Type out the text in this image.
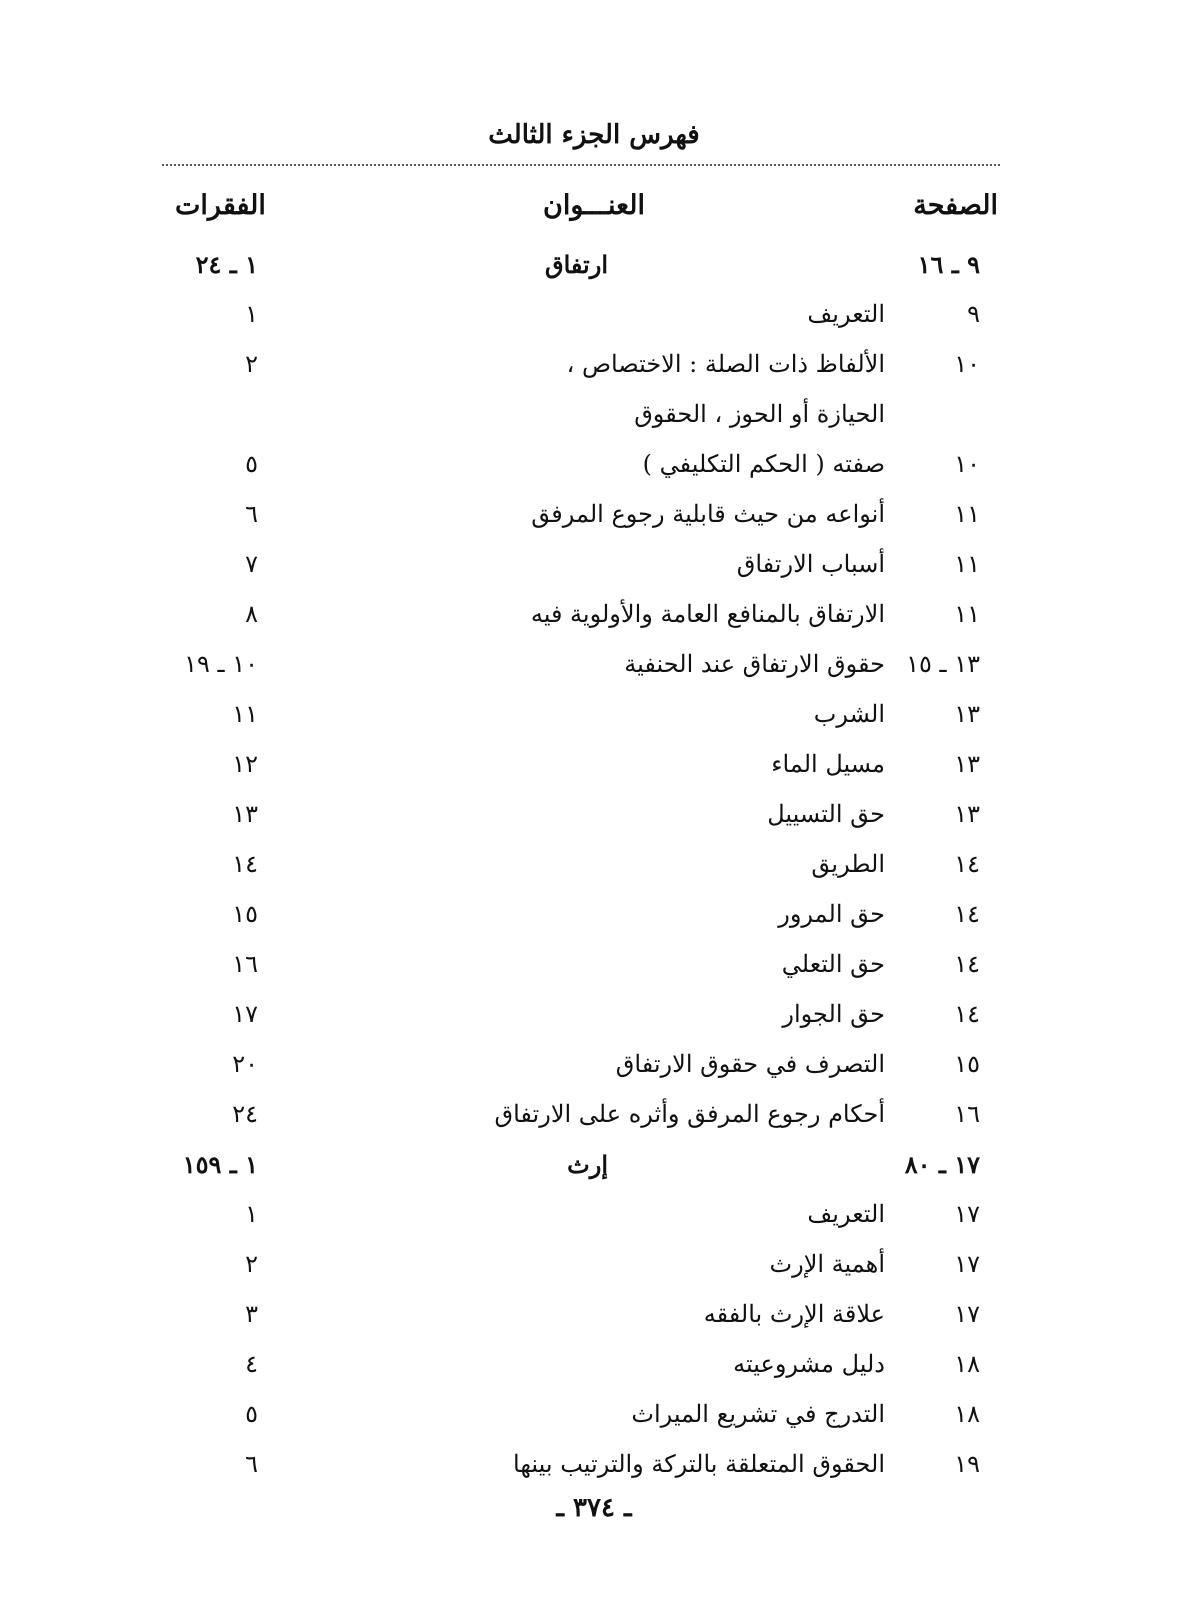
فهرس الجزء الثالث
الصفحة
العنـــوان
الفقرات
٩ ـ ١٦
ارتفاق
١ ـ ٢٤
٩
التعريف
١
١٠
الألفاظ ذات الصلة : الاختصاص ،
٢
الحيازة أو الحوز ، الحقوق
١٠
صفته ( الحكم التكليفي )
٥
١١
أنواعه من حيث قابلية رجوع المرفق
٦
١١
أسباب الارتفاق
٧
١١
الارتفاق بالمنافع العامة والأولوية فيه
٨
١٣ ـ ١٥
حقوق الارتفاق عند الحنفية
١٠ ـ ١٩
١٣
الشرب
١١
١٣
مسيل الماء
١٢
١٣
حق التسييل
١٣
١٤
الطريق
١٤
١٤
حق المرور
١٥
١٤
حق التعلي
١٦
١٤
حق الجوار
١٧
١٥
التصرف في حقوق الارتفاق
٢٠
١٦
أحكام رجوع المرفق وأثره على الارتفاق
٢٤
١٧ ـ ٨٠
إرث
١ ـ ١٥٩
١٧
التعريف
١
١٧
أهمية الإرث
٢
١٧
علاقة الإرث بالفقه
٣
١٨
دليل مشروعيته
٤
١٨
التدرج في تشريع الميراث
٥
١٩
الحقوق المتعلقة بالتركة والترتيب بينها
٦
ـ ٣٧٤ ـ
